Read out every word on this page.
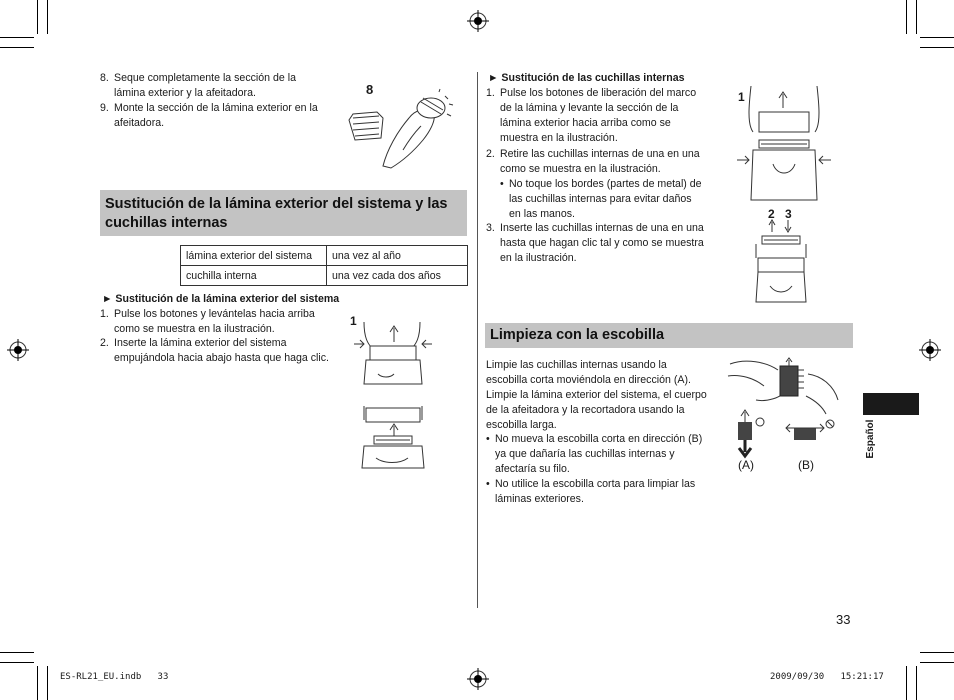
8. Seque completamente la sección de la lámina exterior y la afeitadora.
9. Monte la sección de la lámina exterior en la afeitadora.
8
Sustitución de la lámina exterior del sistema y las cuchillas internas
lámina exterior del sistema	una vez al año
cuchilla interna	una vez cada dos años
► Sustitución de la lámina exterior del sistema
1. Pulse los botones y levántelas hacia arriba como se muestra en la ilustración.
2. Inserte la lámina exterior del sistema empujándola hacia abajo hasta que haga clic.
1
► Sustitución de las cuchillas internas
1. Pulse los botones de liberación del marco de la lámina y levante la sección de la lámina exterior hacia arriba como se muestra en la ilustración.
2. Retire las cuchillas internas de una en una como se muestra en la ilustración.
• No toque los bordes (partes de metal) de las cuchillas internas para evitar daños en las manos.
3. Inserte las cuchillas internas de una en una hasta que hagan clic tal y como se muestra en la ilustración.
1
2 3
Limpieza con la escobilla
Limpie las cuchillas internas usando la escobilla corta moviéndola en dirección (A). Limpie la lámina exterior del sistema, el cuerpo de la afeitadora y la recortadora usando la escobilla larga.
• No mueva la escobilla corta en dirección (B) ya que dañaría las cuchillas internas y afectaría su filo.
• No utilice la escobilla corta para limpiar las láminas exteriores.
(A)	(B)
Español
33
ES-RL21_EU.indb   33	2009/09/30   15:21:17
